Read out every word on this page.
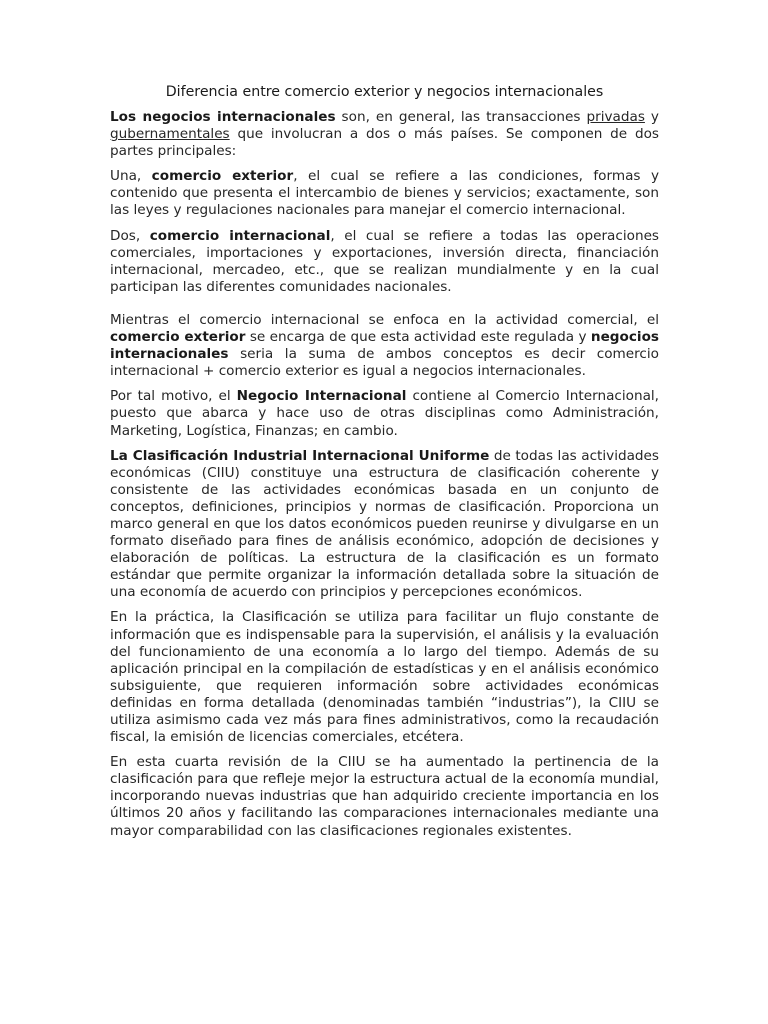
Diferencia entre comercio exterior y negocios internacionales

Los negocios internacionales son, en general, las transacciones privadas y gubernamentales que involucran a dos o más países. Se componen de dos partes principales:

Una, comercio exterior, el cual se refiere a las condiciones, formas y contenido que presenta el intercambio de bienes y servicios; exactamente, son las leyes y regulaciones nacionales para manejar el comercio internacional.

Dos, comercio internacional, el cual se refiere a todas las operaciones comerciales, importaciones y exportaciones, inversión directa, financiación internacional, mercadeo, etc., que se realizan mundialmente y en la cual participan las diferentes comunidades nacionales.

Mientras el comercio internacional se enfoca en la actividad comercial, el comercio exterior se encarga de que esta actividad este regulada y negocios internacionales seria la suma de ambos conceptos es decir comercio internacional + comercio exterior es igual a negocios internacionales.

Por tal motivo, el Negocio Internacional contiene al Comercio Internacional, puesto que abarca y hace uso de otras disciplinas como Administración, Marketing, Logística, Finanzas; en cambio.

La Clasificación Industrial Internacional Uniforme de todas las actividades económicas (CIIU) constituye una estructura de clasificación coherente y consistente de las actividades económicas basada en un conjunto de conceptos, definiciones, principios y normas de clasificación. Proporciona un marco general en que los datos económicos pueden reunirse y divulgarse en un formato diseñado para fines de análisis económico, adopción de decisiones y elaboración de políticas. La estructura de la clasificación es un formato estándar que permite organizar la información detallada sobre la situación de una economía de acuerdo con principios y percepciones económicos.

En la práctica, la Clasificación se utiliza para facilitar un flujo constante de información que es indispensable para la supervisión, el análisis y la evaluación del funcionamiento de una economía a lo largo del tiempo. Además de su aplicación principal en la compilación de estadísticas y en el análisis económico subsiguiente, que requieren información sobre actividades económicas definidas en forma detallada (denominadas también “industrias”), la CIIU se utiliza asimismo cada vez más para fines administrativos, como la recaudación fiscal, la emisión de licencias comerciales, etcétera.

En esta cuarta revisión de la CIIU se ha aumentado la pertinencia de la clasificación para que refleje mejor la estructura actual de la economía mundial, incorporando nuevas industrias que han adquirido creciente importancia en los últimos 20 años y facilitando las comparaciones internacionales mediante una mayor comparabilidad con las clasificaciones regionales existentes.
